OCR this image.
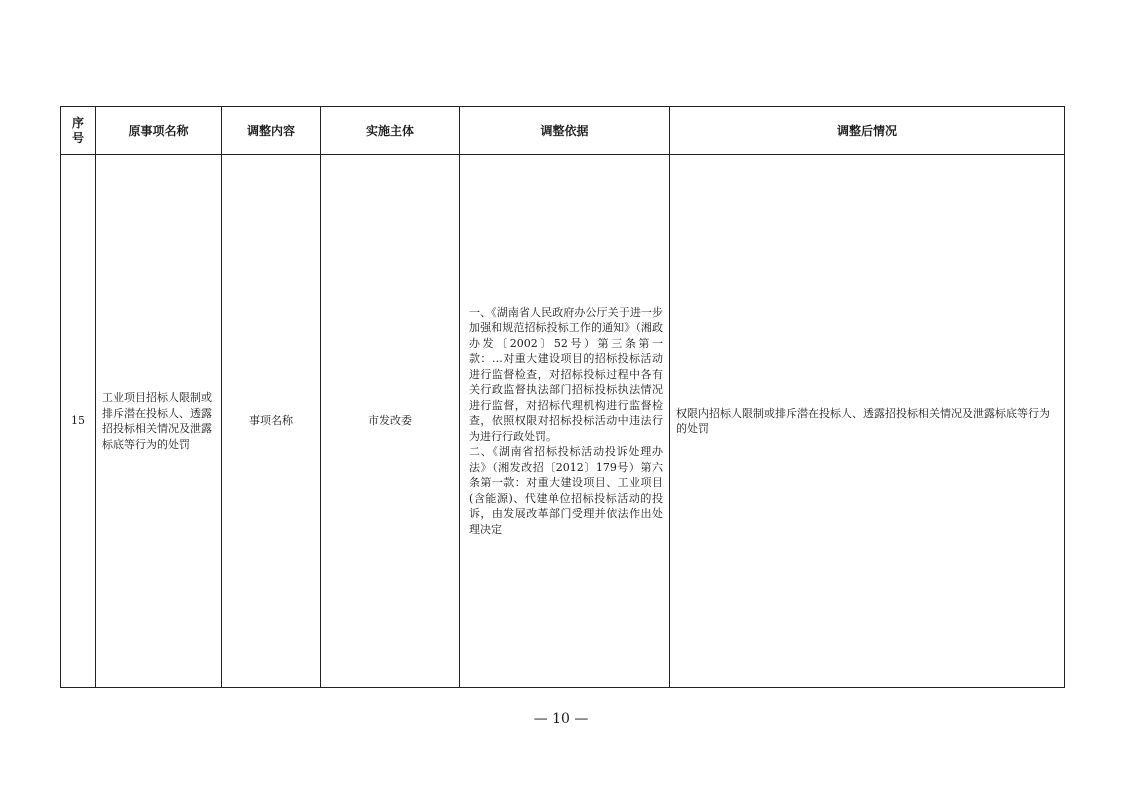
序
号	原事项名称	调整内容	实施主体	调整依据	调整后情况
15	工业项目招标人限制或排斥潜在投标人、透露招投标相关情况及泄露标底等行为的处罚	事项名称	市发改委	一、《湖南省人民政府办公厅关于进一步加强和规范招标投标工作的通知》（湘政办发〔2002〕52号）第三条第一款：…对重大建设项目的招标投标活动进行监督检查，对招标投标过程中各有关行政监督执法部门招标投标执法情况进行监督，对招标代理机构进行监督检查，依照权限对招标投标活动中违法行为进行行政处罚。
二、《湖南省招标投标活动投诉处理办法》（湘发改招〔2012〕179号）第六条第一款：对重大建设项目、工业项目(含能源)、代建单位招标投标活动的投诉，由发展改革部门受理并依法作出处理决定	权限内招标人限制或排斥潜在投标人、透露招投标相关情况及泄露标底等行为的处罚
— 10 —
